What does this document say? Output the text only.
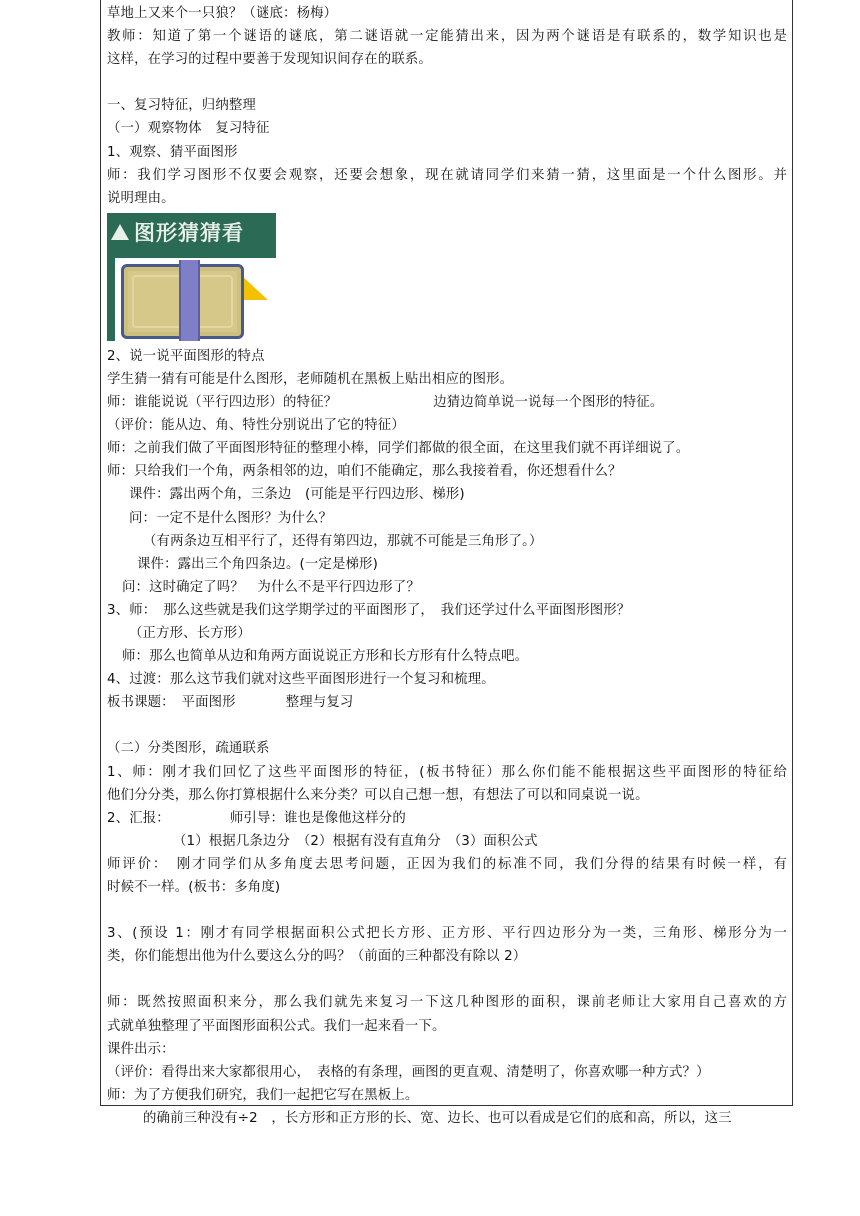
草地上又来个一只狼？（谜底：杨梅）
教师：知道了第一个谜语的谜底，第二谜语就一定能猜出来，因为两个谜语是有联系的，数学知识也是
这样，在学习的过程中要善于发现知识间存在的联系。
一、复习特征，归纳整理
（一）观察物体　复习特征
1、观察、猜平面图形
师：我们学习图形不仅要会观察，还要会想象，现在就请同学们来猜一猜，这里面是一个什么图形。并
说明理由。
图形猜猜看
2、说一说平面图形的特点
学生猜一猜有可能是什么图形，老师随机在黑板上贴出相应的图形。
师：谁能说说（平行四边形）的特征？	边猜边简单说一说每一个图形的特征。
（评价：能从边、角、特性分别说出了它的特征）
师：之前我们做了平面图形特征的整理小棒，同学们都做的很全面，在这里我们就不再详细说了。
师：只给我们一个角，两条相邻的边，咱们不能确定，那么我接着看，你还想看什么？
课件：露出两个角，三条边　(可能是平行四边形、梯形)
问：一定不是什么图形？为什么？
（有两条边互相平行了，还得有第四边，那就不可能是三角形了。）
课件：露出三个角四条边。(一定是梯形)
问：这时确定了吗？　为什么不是平行四边形了？
3、师：　那么这些就是我们这学期学过的平面图形了，　我们还学过什么平面图形图形？
（正方形、长方形）
师：那么也简单从边和角两方面说说正方形和长方形有什么特点吧。
4、过渡：那么这节我们就对这些平面图形进行一个复习和梳理。
板书课题：　平面图形	整理与复习
（二）分类图形，疏通联系
1、师：刚才我们回忆了这些平面图形的特征，(板书特征）那么你们能不能根据这些平面图形的特征给
他们分分类，那么你打算根据什么来分类？可以自己想一想，有想法了可以和同桌说一说。
2、汇报：	师引导：谁也是像他这样分的
（1）根据几条边分　（2）根据有没有直角分　（3）面积公式
师评价：　刚才同学们从多角度去思考问题，正因为我们的标准不同，我们分得的结果有时候一样，有
时候不一样。(板书：多角度)
3、(预设 1：刚才有同学根据面积公式把长方形、正方形、平行四边形分为一类，三角形、梯形分为一
类，你们能想出他为什么要这么分的吗？（前面的三种都没有除以 2）
师：既然按照面积来分，那么我们就先来复习一下这几种图形的面积，课前老师让大家用自己喜欢的方
式就单独整理了平面图形面积公式。我们一起来看一下。
课件出示：
（评价：看得出来大家都很用心，　表格的有条理，画图的更直观、清楚明了，你喜欢哪一种方式？）
师：为了方便我们研究，我们一起把它写在黑板上。
的确前三种没有÷2　，长方形和正方形的长、宽、边长、也可以看成是它们的底和高，所以，这三
